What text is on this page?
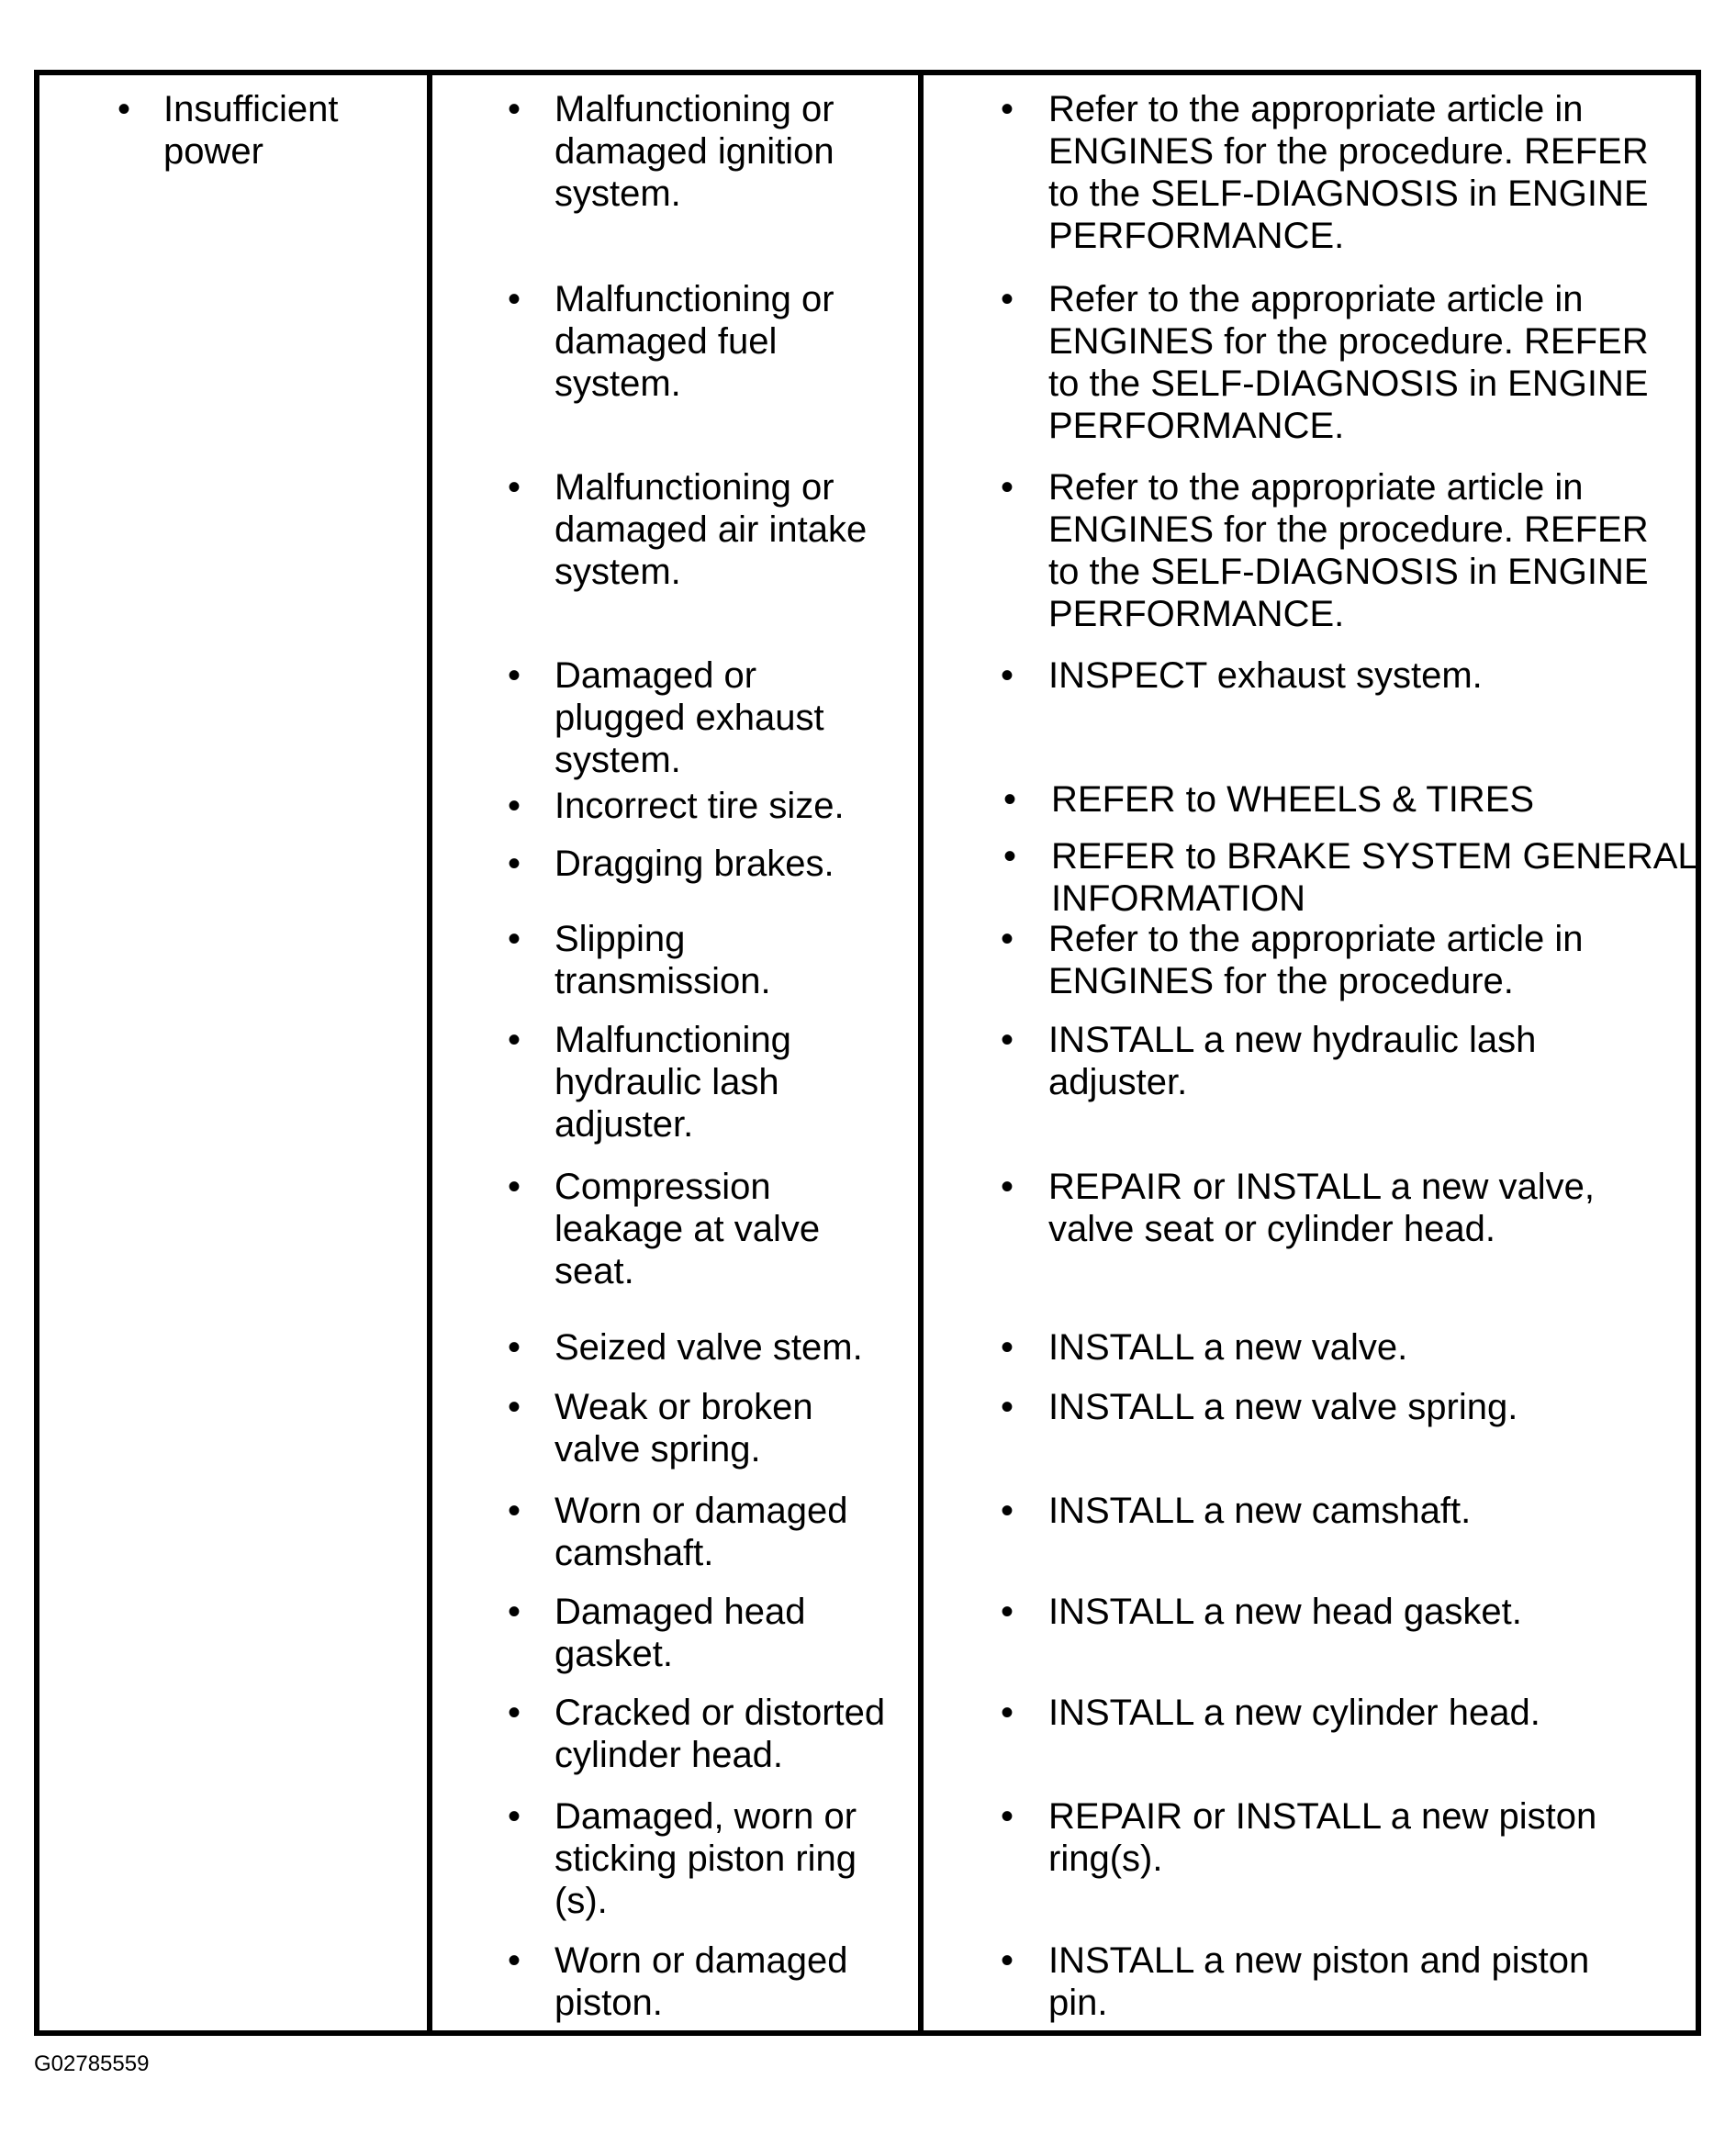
• Insufficient
power
• Malfunctioning or
damaged ignition
system.
• Malfunctioning or
damaged fuel
system.
• Malfunctioning or
damaged air intake
system.
• Damaged or
plugged exhaust
system.
• Incorrect tire size.
• Dragging brakes.
• Slipping
transmission.
• Malfunctioning
hydraulic lash
adjuster.
• Compression
leakage at valve
seat.
• Seized valve stem.
• Weak or broken
valve spring.
• Worn or damaged
camshaft.
• Damaged head
gasket.
• Cracked or distorted
cylinder head.
• Damaged, worn or
sticking piston ring
(s).
• Worn or damaged
piston.
• Refer to the appropriate article in
ENGINES for the procedure. REFER
to the SELF-DIAGNOSIS in ENGINE
PERFORMANCE.
• Refer to the appropriate article in
ENGINES for the procedure. REFER
to the SELF-DIAGNOSIS in ENGINE
PERFORMANCE.
• Refer to the appropriate article in
ENGINES for the procedure. REFER
to the SELF-DIAGNOSIS in ENGINE
PERFORMANCE.
• INSPECT exhaust system.
• REFER to WHEELS & TIRES
• REFER to BRAKE SYSTEM GENERAL
INFORMATION
• Refer to the appropriate article in
ENGINES for the procedure.
• INSTALL a new hydraulic lash
adjuster.
• REPAIR or INSTALL a new valve,
valve seat or cylinder head.
• INSTALL a new valve.
• INSTALL a new valve spring.
• INSTALL a new camshaft.
• INSTALL a new head gasket.
• INSTALL a new cylinder head.
• REPAIR or INSTALL a new piston
ring(s).
• INSTALL a new piston and piston
pin.
G02785559
